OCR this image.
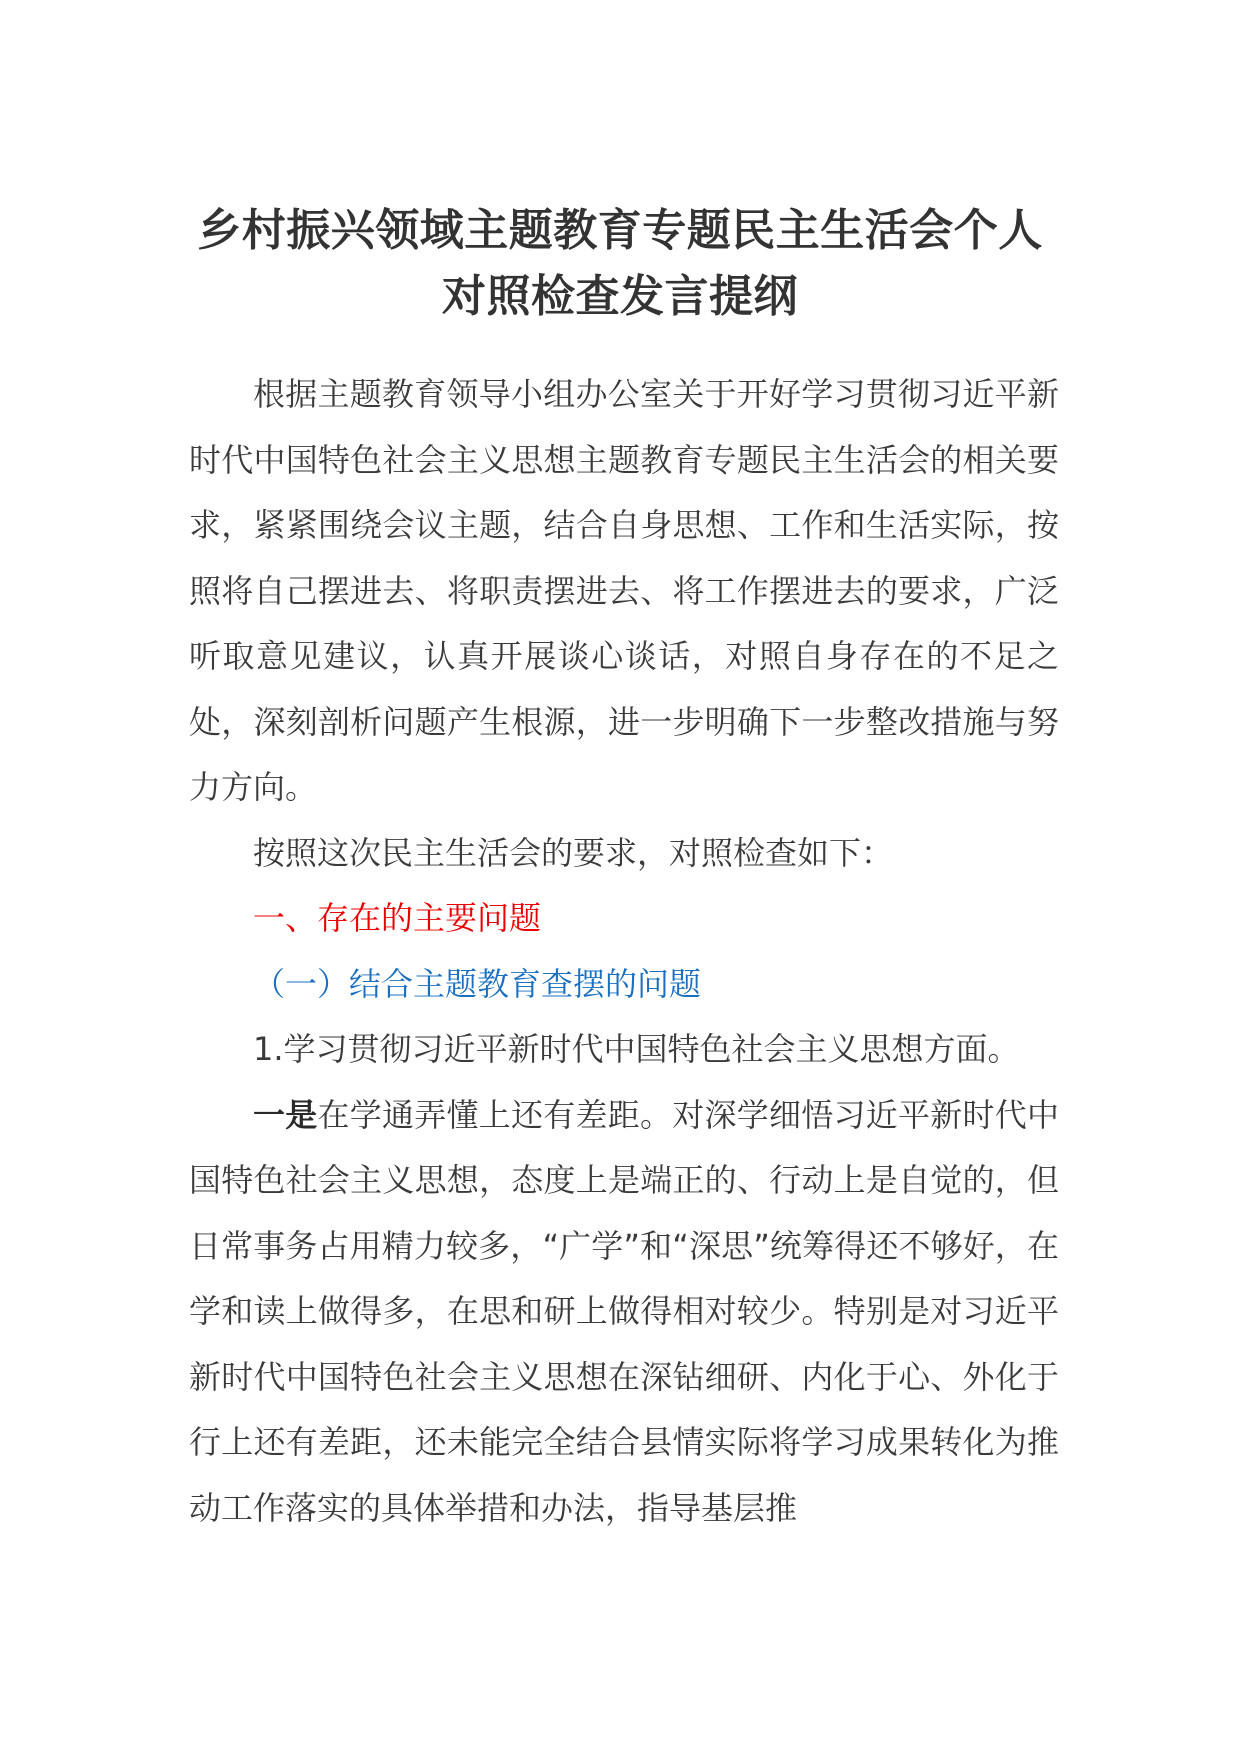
乡村振兴领域主题教育专题民主生活会个人
对照检查发言提纲

根据主题教育领导小组办公室关于开好学习贯彻习近平新时代中国特色社会主义思想主题教育专题民主生活会的相关要求，紧紧围绕会议主题，结合自身思想、工作和生活实际，按照将自己摆进去、将职责摆进去、将工作摆进去的要求，广泛听取意见建议，认真开展谈心谈话，对照自身存在的不足之处，深刻剖析问题产生根源，进一步明确下一步整改措施与努力方向。

按照这次民主生活会的要求，对照检查如下：

一、存在的主要问题

（一）结合主题教育查摆的问题

1.学习贯彻习近平新时代中国特色社会主义思想方面。

一是在学通弄懂上还有差距。对深学细悟习近平新时代中国特色社会主义思想，态度上是端正的、行动上是自觉的，但日常事务占用精力较多，“广学”和“深思”统筹得还不够好，在学和读上做得多，在思和研上做得相对较少。特别是对习近平新时代中国特色社会主义思想在深钻细研、内化于心、外化于行上还有差距，还未能完全结合县情实际将学习成果转化为推动工作落实的具体举措和办法，指导基层推
